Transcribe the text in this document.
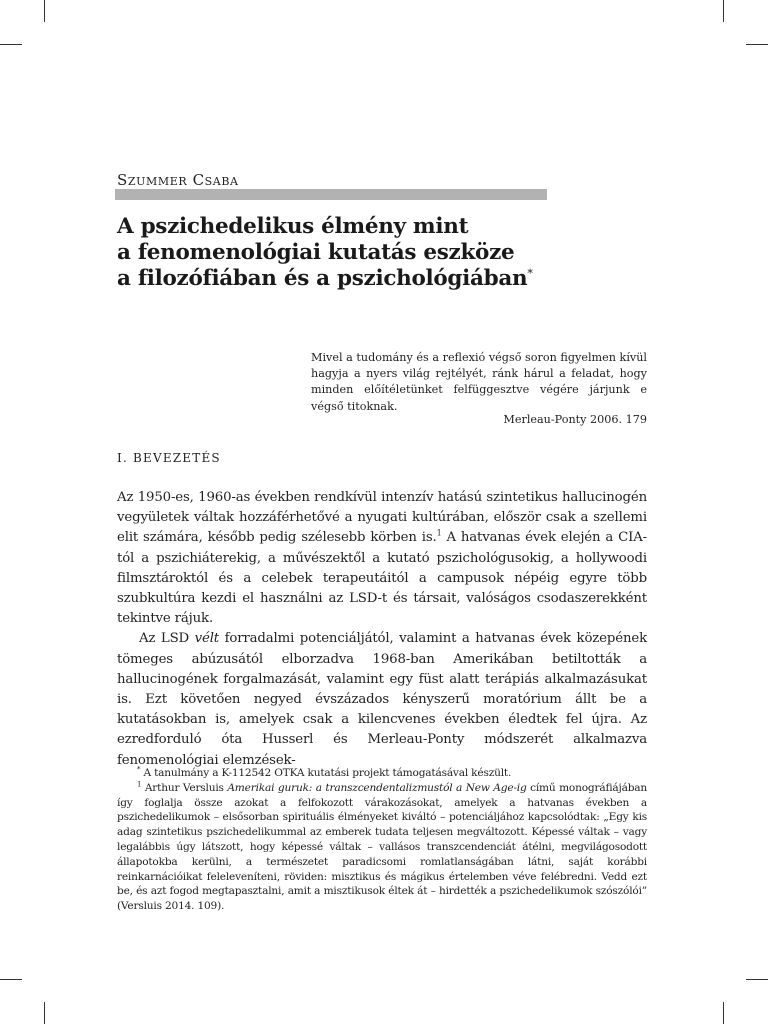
Szummer Csaba
A pszichedelikus élmény mint
a fenomenológiai kutatás eszköze
a filozófiában és a pszichológiában*
Mivel a tudomány és a reflexió végső soron figyelmen kívül hagyja a nyers világ rejtélyét, ránk hárul a feladat, hogy minden előítéletünket felfüggesztve végére járjunk e végső titoknak.
Merleau-Ponty 2006. 179
I. BEVEZETÉS

Az 1950-es, 1960-as években rendkívül intenzív hatású szintetikus hallucinogén vegyületek váltak hozzáférhetővé a nyugati kultúrában, először csak a szellemi elit számára, később pedig szélesebb körben is.$^1$ A hatvanas évek elején a CIA-tól a pszichiáterekig, a művészektől a kutató pszichológusokig, a hollywoodi filmsztároktól és a celebek terapeutáitól a campusok népéig egyre több szubkultúra kezdi el használni az LSD-t és társait, valóságos csodaszerekként tekintve rájuk.

Az LSD vélt forradalmi potenciáljától, valamint a hatvanas évek közepének tömeges abúzusától elborzadva 1968-ban Amerikában betiltották a hallucinogének forgalmazását, valamint egy füst alatt terápiás alkalmazásukat is. Ezt követően negyed évszázados kényszerű moratórium állt be a kutatásokban is, amelyek csak a kilencvenes években éledtek fel újra. Az ezredforduló óta Husserl és Merleau-Ponty módszerét alkalmazva fenomenológiai elemzések-

* A tanulmány a K-112542 OTKA kutatási projekt támogatásával készült.

$^1$ Arthur Versluis Amerikai guruk: a transzcendentalizmustól a New Age-ig című monográfiájában így foglalja össze azokat a felfokozott várakozásokat, amelyek a hatvanas években a pszichedelikumok – elsősorban spirituális élményeket kiváltó – potenciáljához kapcsolódtak: „Egy kis adag szintetikus pszichedelikummal az emberek tudata teljesen megváltozott. Képessé váltak – vagy legalábbis úgy látszott, hogy képessé váltak – vallásos transzcendenciát átélni, megvilágosodott állapotokba kerülni, a természetet paradicsomi romlatlanságában látni, saját korábbi reinkarnációikat feleleveníteni, röviden: misztikus és mágikus értelemben véve felébredni. Vedd ezt be, és azt fogod megtapasztalni, amit a misztikusok éltek át – hirdették a pszichedelikumok szószólói” (Versluis 2014. 109).
